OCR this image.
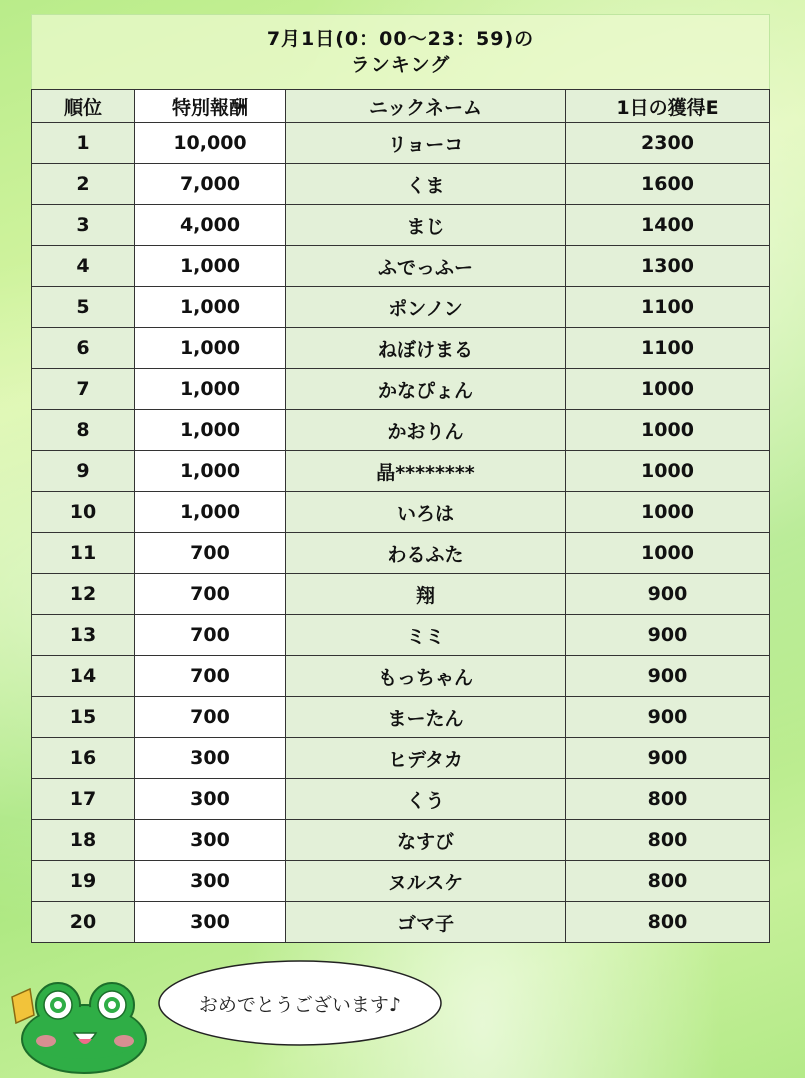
7月1日(0：00～23：59)の
ランキング
順位	特別報酬	ニックネーム	1日の獲得E
1	10,000	リョーコ	2300
2	7,000	くま	1600
3	4,000	まじ	1400
4	1,000	ふでっふー	1300
5	1,000	ポンノン	1100
6	1,000	ねぼけまる	1100
7	1,000	かなぴょん	1000
8	1,000	かおりん	1000
9	1,000	晶********	1000
10	1,000	いろは	1000
11	700	わるふた	1000
12	700	翔	900
13	700	ミミ	900
14	700	もっちゃん	900
15	700	まーたん	900
16	300	ヒデタカ	900
17	300	くう	800
18	300	なすび	800
19	300	ヌルスケ	800
20	300	ゴマ子	800
おめでとうございます♪
